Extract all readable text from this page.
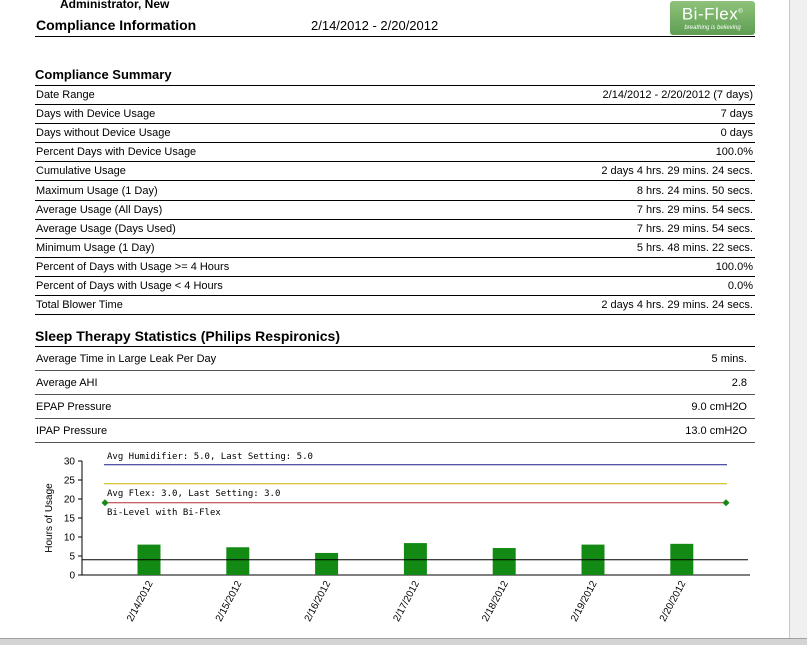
Administrator, New
Compliance Information	2/14/2012 - 2/20/2012
Bi-Flex®
breathing is believing
Compliance Summary
Date Range	2/14/2012 - 2/20/2012 (7 days)
Days with Device Usage	7 days
Days without Device Usage	0 days
Percent Days with Device Usage	100.0%
Cumulative Usage	2 days 4 hrs. 29 mins. 24 secs.
Maximum Usage (1 Day)	8 hrs. 24 mins. 50 secs.
Average Usage (All Days)	7 hrs. 29 mins. 54 secs.
Average Usage (Days Used)	7 hrs. 29 mins. 54 secs.
Minimum Usage (1 Day)	5 hrs. 48 mins. 22 secs.
Percent of Days with Usage >= 4 Hours	100.0%
Percent of Days with Usage < 4 Hours	0.0%
Total Blower Time	2 days 4 hrs. 29 mins. 24 secs.
Sleep Therapy Statistics (Philips Respironics)
Average Time in Large Leak Per Day	5 mins.
Average AHI	2.8
EPAP Pressure	9.0 cmH2O
IPAP Pressure	13.0 cmH2O
0
5
10
15
20
25
30
Hours of Usage
Avg Humidifier: 5.0, Last Setting: 5.0
Avg Flex: 3.0, Last Setting: 3.0
Bi-Level with Bi-Flex
2/14/2012	2/15/2012	2/16/2012	2/17/2012	2/18/2012	2/19/2012	2/20/2012
